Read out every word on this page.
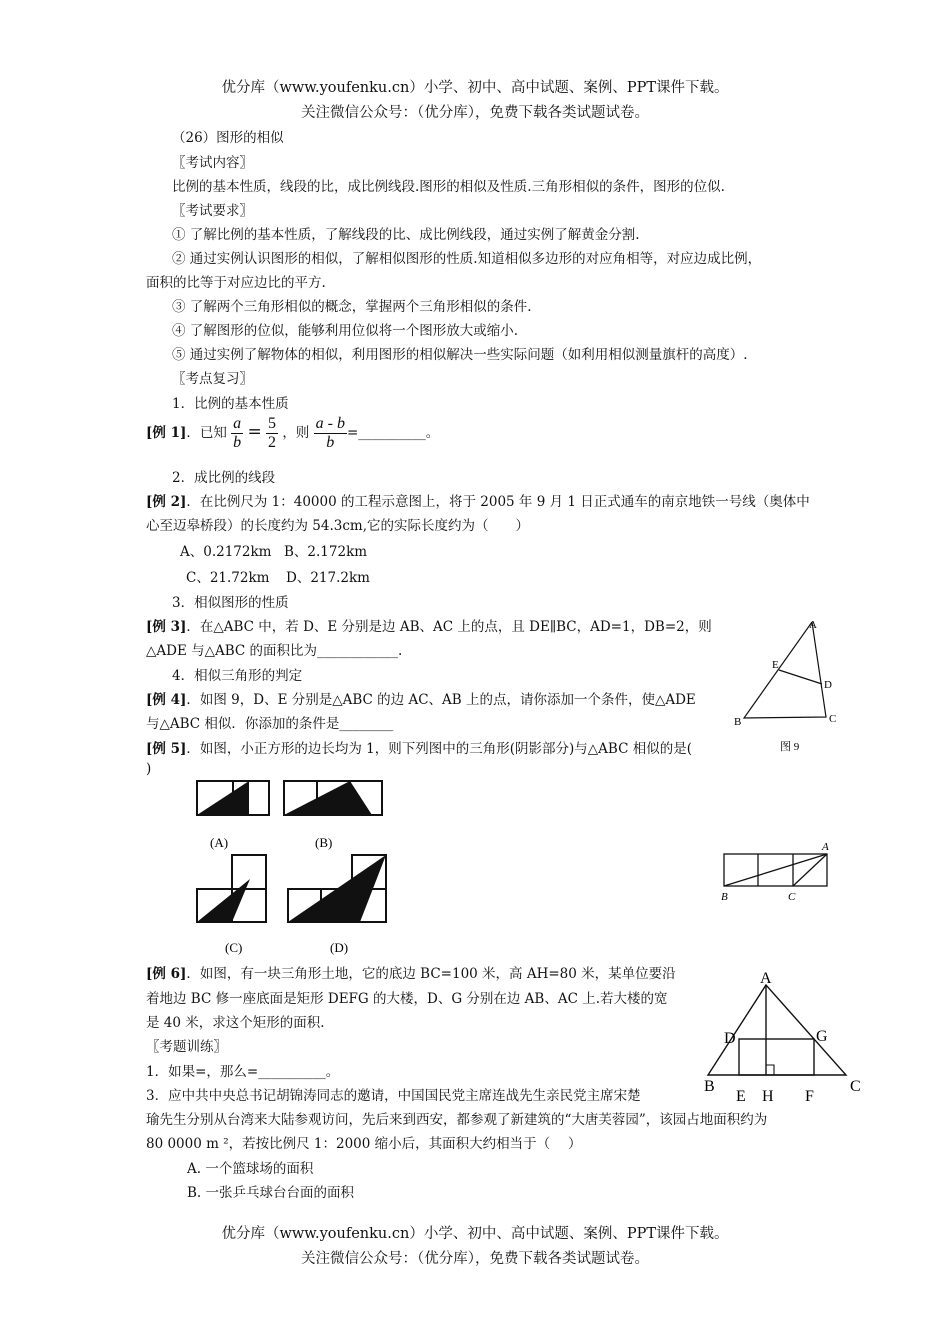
优分库（www.youfenku.cn）小学、初中、高中试题、案例、PPT课件下载。
关注微信公众号：（优分库），免费下载各类试题试卷。
（26）图形的相似
〖考试内容〗
比例的基本性质，线段的比，成比例线段.图形的相似及性质.三角形相似的条件，图形的位似.
〖考试要求〗
① 了解比例的基本性质，了解线段的比、成比例线段，通过实例了解黄金分割.
② 通过实例认识图形的相似，了解相似图形的性质.知道相似多边形的对应角相等，对应边成比例，
面积的比等于对应边比的平方.
③ 了解两个三角形相似的概念，掌握两个三角形相似的条件.
④ 了解图形的位似，能够利用位似将一个图形放大或缩小.
⑤ 通过实例了解物体的相似，利用图形的相似解决一些实际问题（如利用相似测量旗杆的高度）.
〖考点复习〗
1．比例的基本性质
[例 1]．已知 $\frac{a}{b} = \frac{5}{2}$ ，则 $\frac{a - b}{b}$ =__________。
2．成比例的线段
[例 2]．在比例尺为 1：40000 的工程示意图上，将于 2005 年 9 月 1 日正式通车的南京地铁一号线（奥体中
心至迈皋桥段）的长度约为 54.3cm,它的实际长度约为（　　）
A、0.2172km B、2.172km
C、21.72km D、217.2km
3．相似图形的性质
[例 3]．在△ABC 中，若 D、E 分别是边 AB、AC 上的点，且 DE∥BC，AD=1，DB=2，则
△ADE 与△ABC 的面积比为____________.
4．相似三角形的判定
[例 4]．如图 9，D、E 分别是△ABC 的边 AC、AB 上的点，请你添加一个条件，使△ADE
与△ABC 相似．你添加的条件是________
[例 5]．如图，小正方形的边长均为 1，则下列图中的三角形(阴影部分)与△ABC 相似的是(
)
A
B	C
D
E
图 9
(A)	(B)
(C)	(D)
A
B	C
[例 6]．如图，有一块三角形土地，它的底边 BC=100 米，高 AH=80 米，某单位要沿
着地边 BC 修一座底面是矩形 DEFG 的大楼，D、G 分别在边 AB、AC 上.若大楼的宽
是 40 米，求这个矩形的面积.
A
B	C
D	G
E H F
〖考题训练〗
1．如果=，那么=__________。
3．应中共中央总书记胡锦涛同志的邀请，中国国民党主席连战先生亲民党主席宋楚
瑜先生分别从台湾来大陆参观访问，先后来到西安，都参观了新建筑的“大唐芙蓉园”，该园占地面积约为
80 0000 m ²，若按比例尺 1：2000 缩小后，其面积大约相当于（　 ）
A. 一个篮球场的面积
B. 一张乒乓球台台面的面积
优分库（www.youfenku.cn）小学、初中、高中试题、案例、PPT课件下载。
关注微信公众号：（优分库），免费下载各类试题试卷。
